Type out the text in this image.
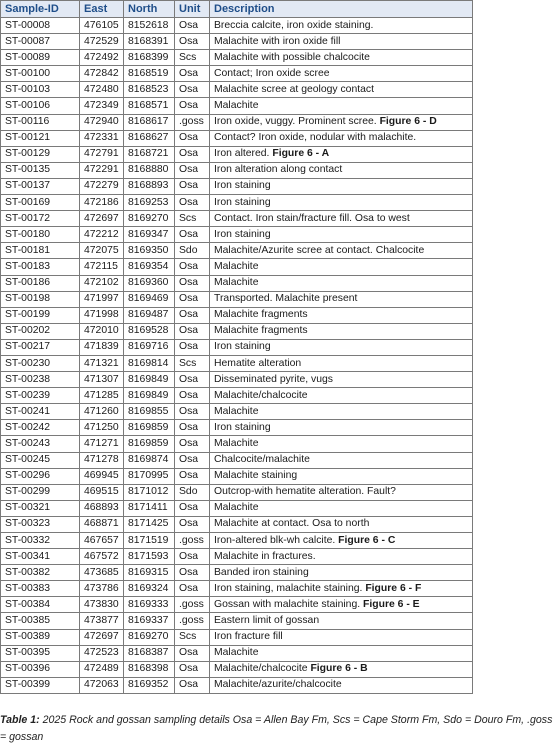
Sample-ID	East	North	Unit	Description
ST-00008	476105	8152618	Osa	Breccia calcite, iron oxide staining.
ST-00087	472529	8168391	Osa	Malachite with iron oxide fill
ST-00089	472492	8168399	Scs	Malachite with possible chalcocite
ST-00100	472842	8168519	Osa	Contact; Iron oxide scree
ST-00103	472480	8168523	Osa	Malachite scree at geology contact
ST-00106	472349	8168571	Osa	Malachite
ST-00116	472940	8168617	.goss	Iron oxide, vuggy. Prominent scree. Figure 6 - D
ST-00121	472331	8168627	Osa	Contact? Iron oxide, nodular with malachite.
ST-00129	472791	8168721	Osa	Iron altered. Figure 6 - A
ST-00135	472291	8168880	Osa	Iron alteration along contact
ST-00137	472279	8168893	Osa	Iron staining
ST-00169	472186	8169253	Osa	Iron staining
ST-00172	472697	8169270	Scs	Contact. Iron stain/fracture fill. Osa to west
ST-00180	472212	8169347	Osa	Iron staining
ST-00181	472075	8169350	Sdo	Malachite/Azurite scree at contact. Chalcocite
ST-00183	472115	8169354	Osa	Malachite
ST-00186	472102	8169360	Osa	Malachite
ST-00198	471997	8169469	Osa	Transported. Malachite present
ST-00199	471998	8169487	Osa	Malachite fragments
ST-00202	472010	8169528	Osa	Malachite fragments
ST-00217	471839	8169716	Osa	Iron staining
ST-00230	471321	8169814	Scs	Hematite alteration
ST-00238	471307	8169849	Osa	Disseminated pyrite, vugs
ST-00239	471285	8169849	Osa	Malachite/chalcocite
ST-00241	471260	8169855	Osa	Malachite
ST-00242	471250	8169859	Osa	Iron staining
ST-00243	471271	8169859	Osa	Malachite
ST-00245	471278	8169874	Osa	Chalcocite/malachite
ST-00296	469945	8170995	Osa	Malachite staining
ST-00299	469515	8171012	Sdo	Outcrop-with hematite alteration. Fault?
ST-00321	468893	8171411	Osa	Malachite
ST-00323	468871	8171425	Osa	Malachite at contact. Osa to north
ST-00332	467657	8171519	.goss	Iron-altered blk-wh calcite. Figure 6 - C
ST-00341	467572	8171593	Osa	Malachite in fractures.
ST-00382	473685	8169315	Osa	Banded iron staining
ST-00383	473786	8169324	Osa	Iron staining, malachite staining. Figure 6 - F
ST-00384	473830	8169333	.goss	Gossan with malachite staining. Figure 6 - E
ST-00385	473877	8169337	.goss	Eastern limit of gossan
ST-00389	472697	8169270	Scs	Iron fracture fill
ST-00395	472523	8168387	Osa	Malachite
ST-00396	472489	8168398	Osa	Malachite/chalcocite Figure 6 - B
ST-00399	472063	8169352	Osa	Malachite/azurite/chalcocite
Table 1: 2025 Rock and gossan sampling details Osa = Allen Bay Fm, Scs = Cape Storm Fm, Sdo = Douro Fm, .goss = gossan
